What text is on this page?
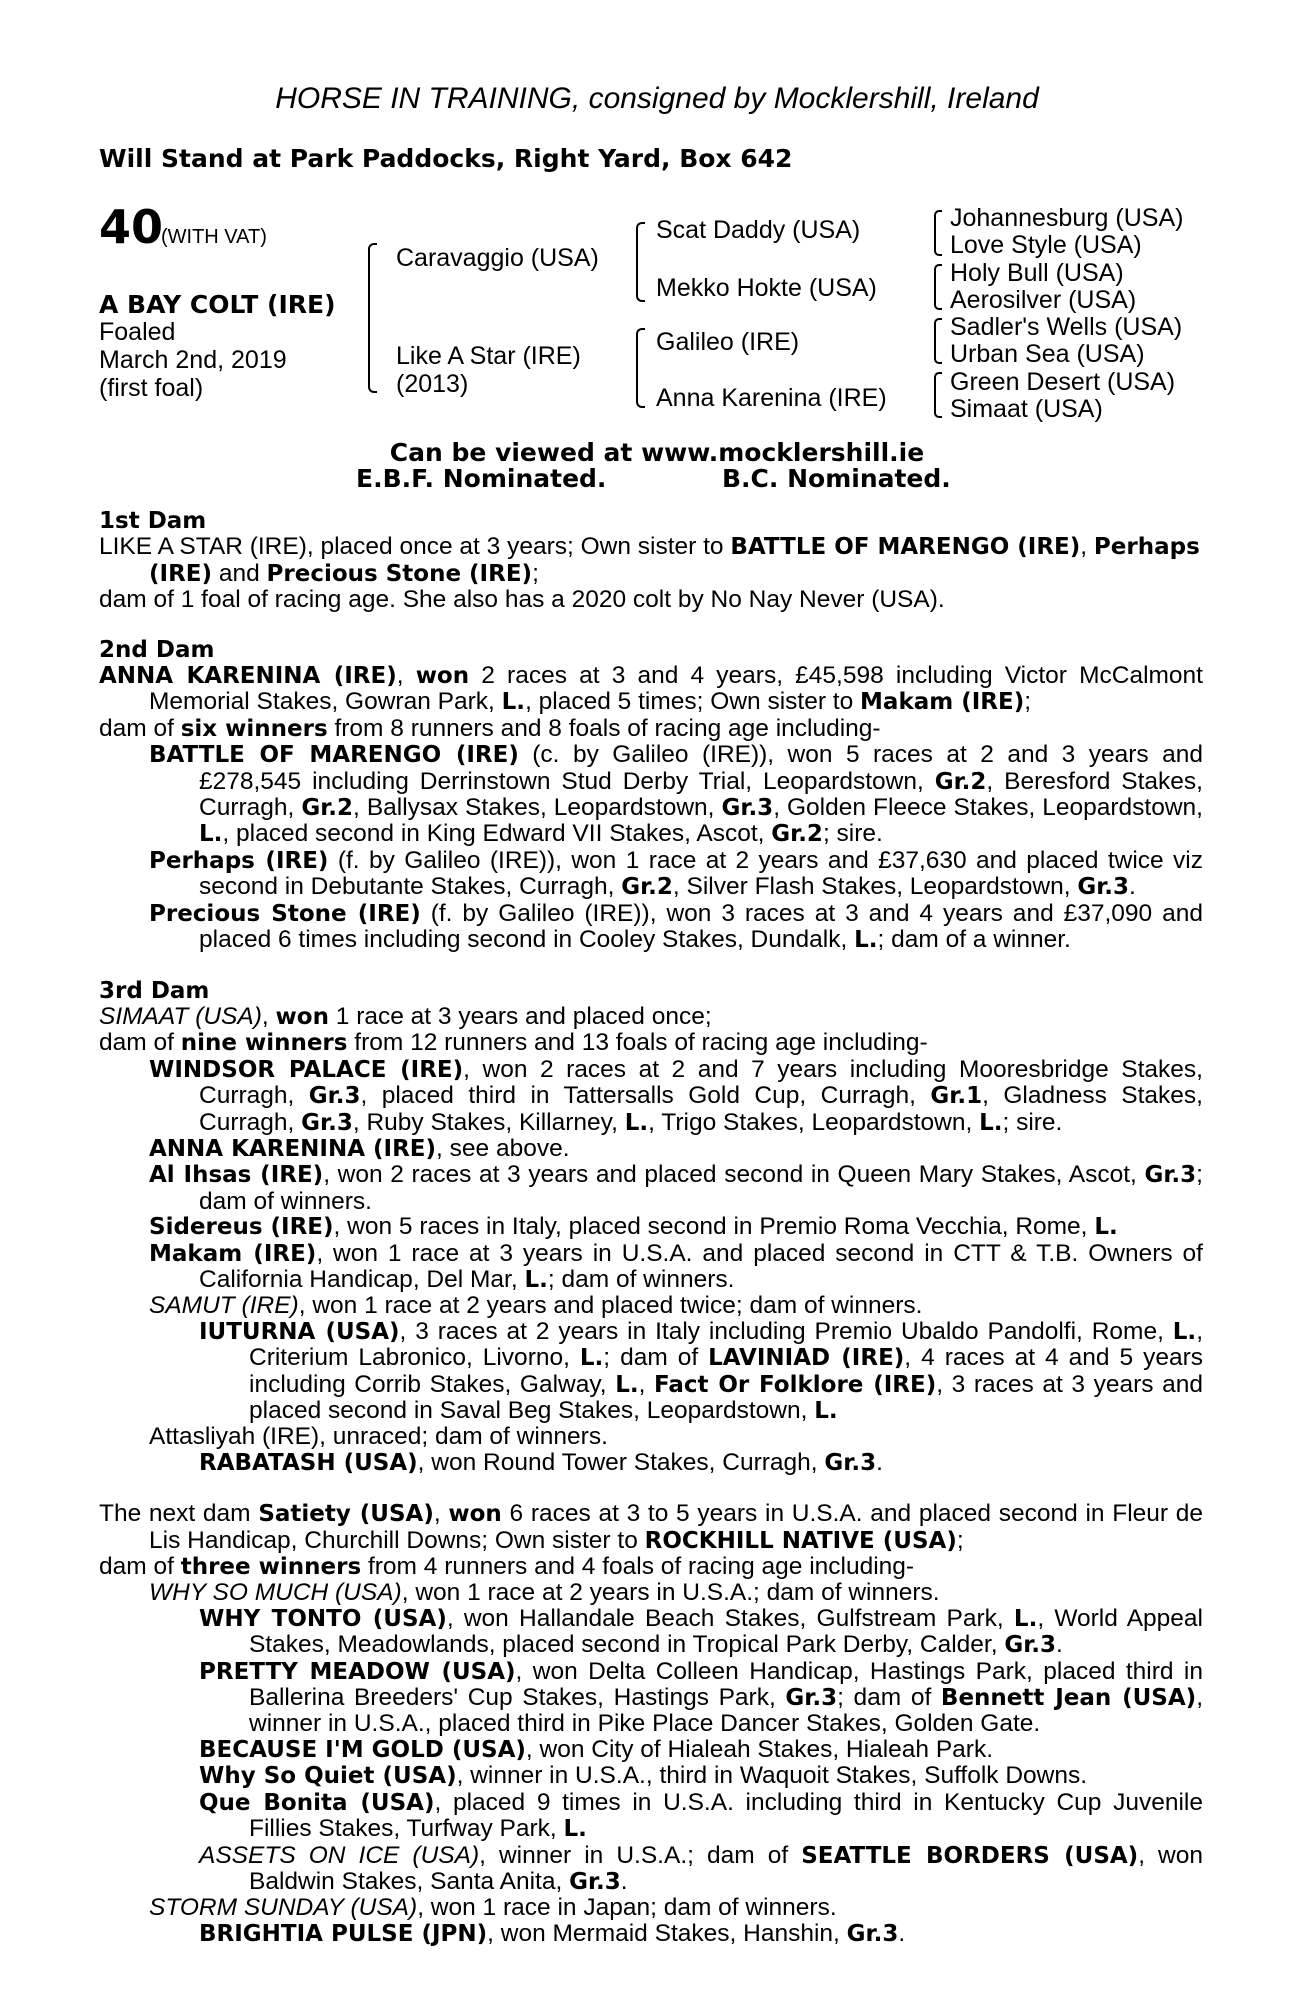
HORSE IN TRAINING, consigned by Mocklershill, Ireland
Will Stand at Park Paddocks, Right Yard, Box 642
40
(WITH VAT)
A BAY COLT (IRE)
Foaled
March 2nd, 2019
(first foal)
Caravaggio (USA)
Like A Star (IRE)
(2013)
Scat Daddy (USA)
Mekko Hokte (USA)
Galileo (IRE)
Anna Karenina (IRE)
Johannesburg (USA)
Love Style (USA)
Holy Bull (USA)
Aerosilver (USA)
Sadler's Wells (USA)
Urban Sea (USA)
Green Desert (USA)
Simaat (USA)
Can be viewed at www.mocklershill.ie
E.B.F. Nominated.	B.C. Nominated.

1st Dam

LIKE A STAR (IRE), placed once at 3 years; Own sister to BATTLE OF MARENGO (IRE), Perhaps (IRE) and Precious Stone (IRE);

dam of 1 foal of racing age. She also has a 2020 colt by No Nay Never (USA).

2nd Dam

ANNA KARENINA (IRE), won 2 races at 3 and 4 years, £45,598 including Victor McCalmont Memorial Stakes, Gowran Park, L., placed 5 times; Own sister to Makam (IRE);

dam of six winners from 8 runners and 8 foals of racing age including-

BATTLE OF MARENGO (IRE) (c. by Galileo (IRE)), won 5 races at 2 and 3 years and £278,545 including Derrinstown Stud Derby Trial, Leopardstown, Gr.2, Beresford Stakes, Curragh, Gr.2, Ballysax Stakes, Leopardstown, Gr.3, Golden Fleece Stakes, Leopardstown, L., placed second in King Edward VII Stakes, Ascot, Gr.2; sire.

Perhaps (IRE) (f. by Galileo (IRE)), won 1 race at 2 years and £37,630 and placed twice viz second in Debutante Stakes, Curragh, Gr.2, Silver Flash Stakes, Leopardstown, Gr.3.

Precious Stone (IRE) (f. by Galileo (IRE)), won 3 races at 3 and 4 years and £37,090 and placed 6 times including second in Cooley Stakes, Dundalk, L.; dam of a winner.

3rd Dam

SIMAAT (USA), won 1 race at 3 years and placed once;

dam of nine winners from 12 runners and 13 foals of racing age including-

WINDSOR PALACE (IRE), won 2 races at 2 and 7 years including Mooresbridge Stakes, Curragh, Gr.3, placed third in Tattersalls Gold Cup, Curragh, Gr.1, Gladness Stakes, Curragh, Gr.3, Ruby Stakes, Killarney, L., Trigo Stakes, Leopardstown, L.; sire.

ANNA KARENINA (IRE), see above.

Al Ihsas (IRE), won 2 races at 3 years and placed second in Queen Mary Stakes, Ascot, Gr.3; dam of winners.

Sidereus (IRE), won 5 races in Italy, placed second in Premio Roma Vecchia, Rome, L.

Makam (IRE), won 1 race at 3 years in U.S.A. and placed second in CTT & T.B. Owners of California Handicap, Del Mar, L.; dam of winners.

SAMUT (IRE), won 1 race at 2 years and placed twice; dam of winners.

IUTURNA (USA), 3 races at 2 years in Italy including Premio Ubaldo Pandolfi, Rome, L., Criterium Labronico, Livorno, L.; dam of LAVINIAD (IRE), 4 races at 4 and 5 years including Corrib Stakes, Galway, L., Fact Or Folklore (IRE), 3 races at 3 years and placed second in Saval Beg Stakes, Leopardstown, L.

Attasliyah (IRE), unraced; dam of winners.

RABATASH (USA), won Round Tower Stakes, Curragh, Gr.3.

The next dam Satiety (USA), won 6 races at 3 to 5 years in U.S.A. and placed second in Fleur de Lis Handicap, Churchill Downs; Own sister to ROCKHILL NATIVE (USA);

dam of three winners from 4 runners and 4 foals of racing age including-

WHY SO MUCH (USA), won 1 race at 2 years in U.S.A.; dam of winners.

WHY TONTO (USA), won Hallandale Beach Stakes, Gulfstream Park, L., World Appeal Stakes, Meadowlands, placed second in Tropical Park Derby, Calder, Gr.3.

PRETTY MEADOW (USA), won Delta Colleen Handicap, Hastings Park, placed third in Ballerina Breeders' Cup Stakes, Hastings Park, Gr.3; dam of Bennett Jean (USA), winner in U.S.A., placed third in Pike Place Dancer Stakes, Golden Gate.

BECAUSE I'M GOLD (USA), won City of Hialeah Stakes, Hialeah Park.

Why So Quiet (USA), winner in U.S.A., third in Waquoit Stakes, Suffolk Downs.

Que Bonita (USA), placed 9 times in U.S.A. including third in Kentucky Cup Juvenile Fillies Stakes, Turfway Park, L.

ASSETS ON ICE (USA), winner in U.S.A.; dam of SEATTLE BORDERS (USA), won Baldwin Stakes, Santa Anita, Gr.3.

STORM SUNDAY (USA), won 1 race in Japan; dam of winners.

BRIGHTIA PULSE (JPN), won Mermaid Stakes, Hanshin, Gr.3.
